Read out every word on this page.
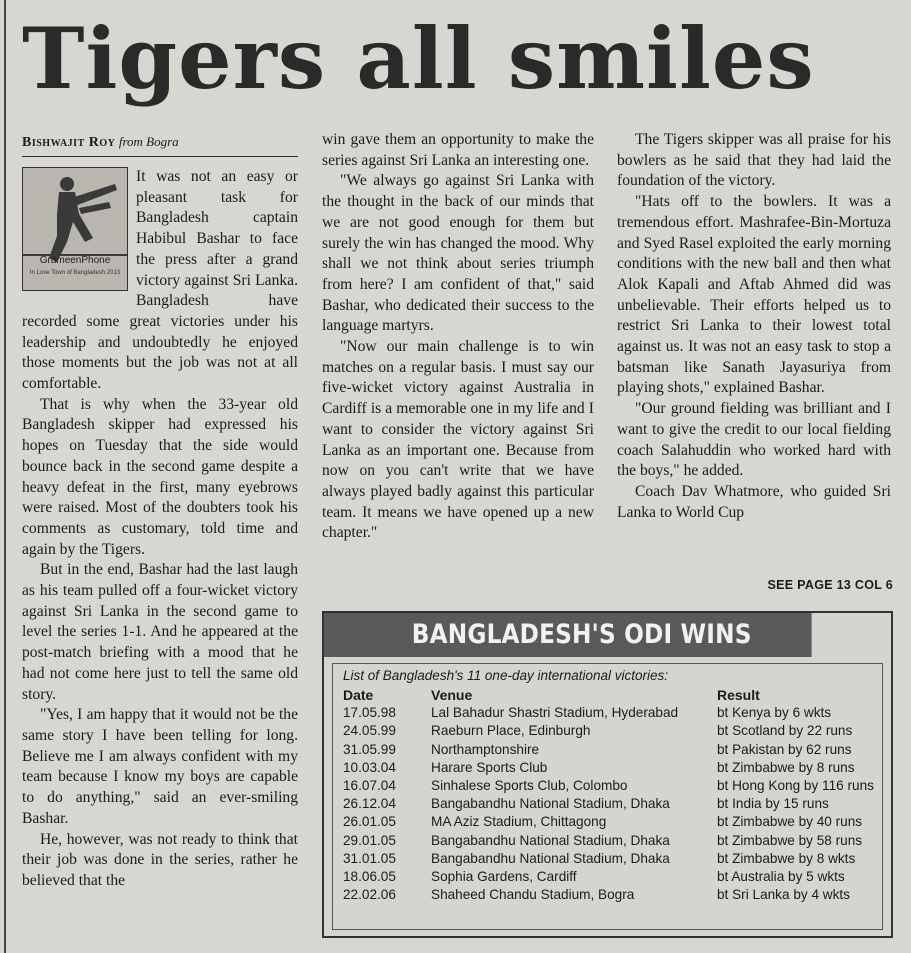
Tigers all smiles
Bishwajit Roy from Bogra
GrameenPhone
In Love Town of Bangladesh 2013

It was not an easy or pleasant task for Bangladesh captain Habibul Bashar to face the press after a grand victory against Sri Lanka. Bangladesh have recorded some great victories under his leadership and undoubtedly he enjoyed those moments but the job was not at all comfortable.

That is why when the 33-year old Bangladesh skipper had expressed his hopes on Tuesday that the side would bounce back in the second game despite a heavy defeat in the first, many eyebrows were raised. Most of the doubters took his comments as customary, told time and again by the Tigers.

But in the end, Bashar had the last laugh as his team pulled off a four-wicket victory against Sri Lanka in the second game to level the series 1-1. And he appeared at the post-match briefing with a mood that he had not come here just to tell the same old story.

"Yes, I am happy that it would not be the same story I have been telling for long. Believe me I am always confident with my team because I know my boys are capable to do anything," said an ever-smiling Bashar.

He, however, was not ready to think that their job was done in the series, rather he believed that the

win gave them an opportunity to make the series against Sri Lanka an interesting one.

"We always go against Sri Lanka with the thought in the back of our minds that we are not good enough for them but surely the win has changed the mood. Why shall we not think about series triumph from here? I am confident of that," said Bashar, who dedicated their success to the language martyrs.

"Now our main challenge is to win matches on a regular basis. I must say our five-wicket victory against Australia in Cardiff is a memorable one in my life and I want to consider the victory against Sri Lanka as an important one. Because from now on you can't write that we have always played badly against this particular team. It means we have opened up a new chapter."

The Tigers skipper was all praise for his bowlers as he said that they had laid the foundation of the victory.

"Hats off to the bowlers. It was a tremendous effort. Mashrafee-Bin-Mortuza and Syed Rasel exploited the early morning conditions with the new ball and then what Alok Kapali and Aftab Ahmed did was unbelievable. Their efforts helped us to restrict Sri Lanka to their lowest total against us. It was not an easy task to stop a batsman like Sanath Jayasuriya from playing shots," explained Bashar.

"Our ground fielding was brilliant and I want to give the credit to our local fielding coach Salahuddin who worked hard with the boys," he added.

Coach Dav Whatmore, who guided Sri Lanka to World Cup

SEE PAGE 13 COL 6
BANGLADESH'S ODI WINS
List of Bangladesh's 11 one-day international victories:
Date	Venue	Result
17.05.98	Lal Bahadur Shastri Stadium, Hyderabad	bt Kenya by 6 wkts
24.05.99	Raeburn Place, Edinburgh	bt Scotland by 22 runs
31.05.99	Northamptonshire	bt Pakistan by 62 runs
10.03.04	Harare Sports Club	bt Zimbabwe by 8 runs
16.07.04	Sinhalese Sports Club, Colombo	bt Hong Kong by 116 runs
26.12.04	Bangabandhu National Stadium, Dhaka	bt India by 15 runs
26.01.05	MA Aziz Stadium, Chittagong	bt Zimbabwe by 40 runs
29.01.05	Bangabandhu National Stadium, Dhaka	bt Zimbabwe by 58 runs
31.01.05	Bangabandhu National Stadium, Dhaka	bt Zimbabwe by 8 wkts
18.06.05	Sophia Gardens, Cardiff	bt Australia by 5 wkts
22.02.06	Shaheed Chandu Stadium, Bogra	bt Sri Lanka by 4 wkts
